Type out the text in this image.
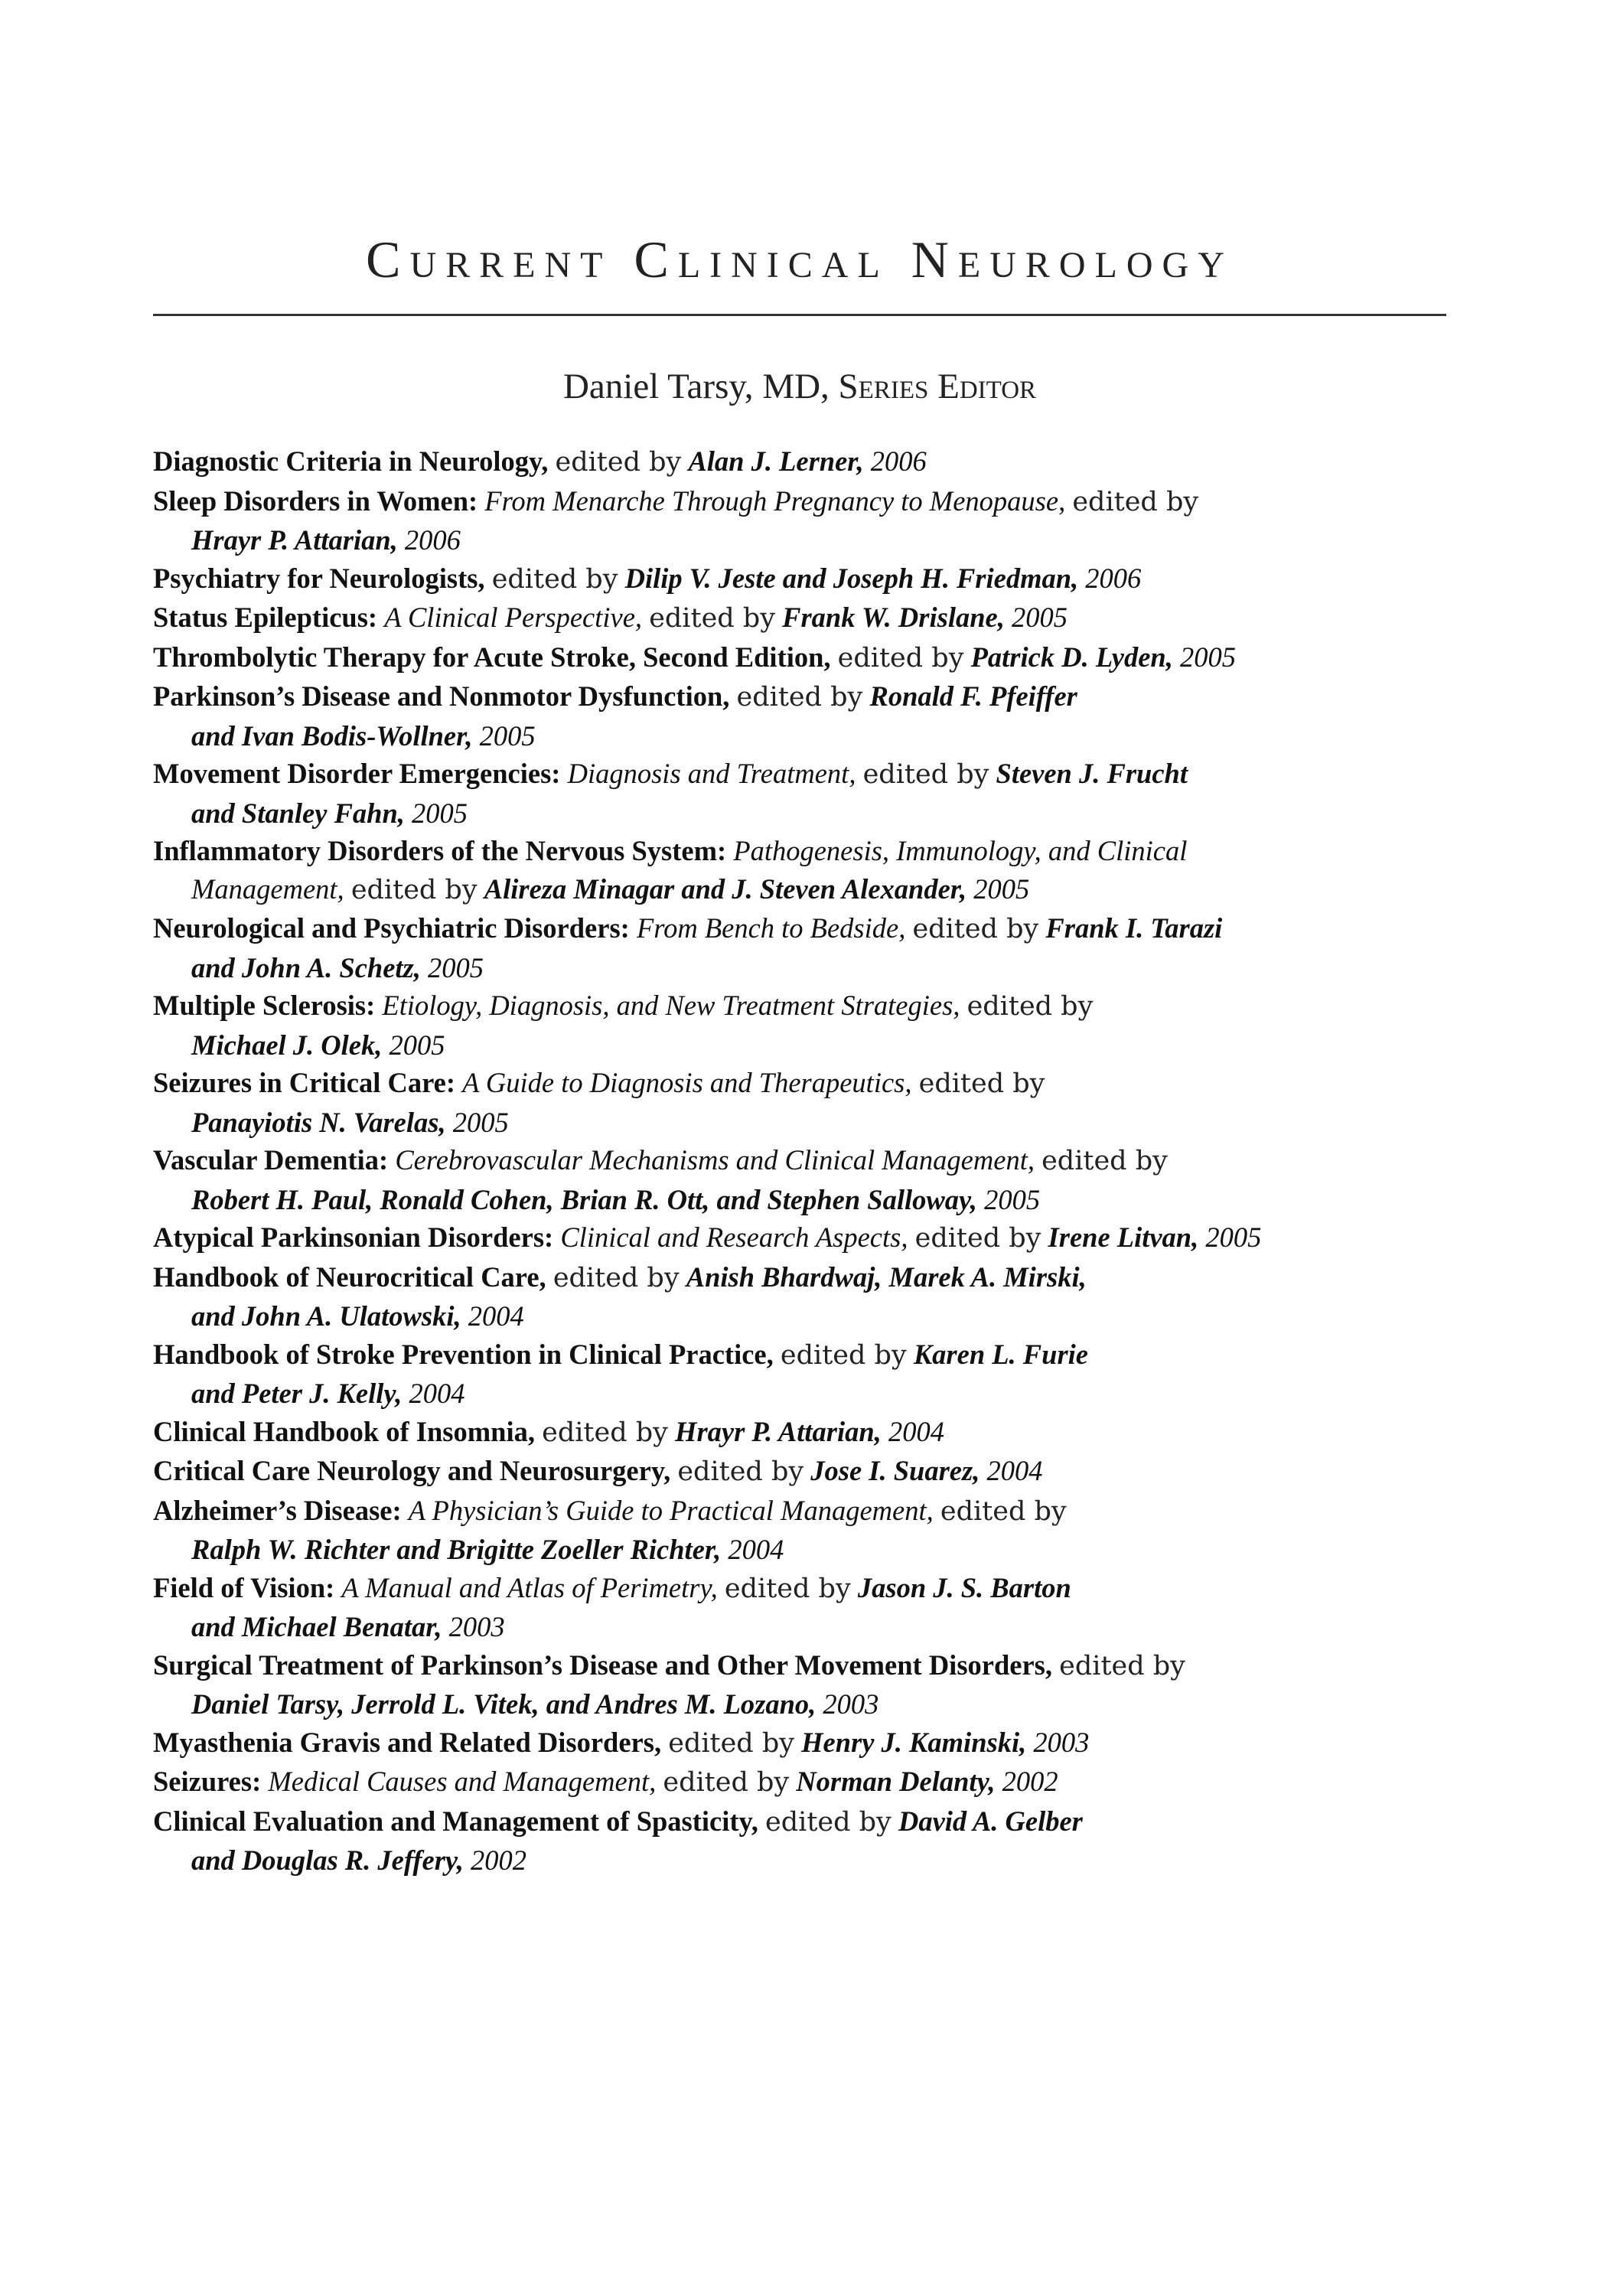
Current Clinical Neurology
Daniel Tarsy, MD, Series Editor
Diagnostic Criteria in Neurology, edited by Alan J. Lerner, 2006
Sleep Disorders in Women: From Menarche Through Pregnancy to Menopause, edited by
Hrayr P. Attarian, 2006
Psychiatry for Neurologists, edited by Dilip V. Jeste and Joseph H. Friedman, 2006
Status Epilepticus: A Clinical Perspective, edited by Frank W. Drislane, 2005
Thrombolytic Therapy for Acute Stroke, Second Edition, edited by Patrick D. Lyden, 2005
Parkinson’s Disease and Nonmotor Dysfunction, edited by Ronald F. Pfeiffer
and Ivan Bodis-Wollner, 2005
Movement Disorder Emergencies: Diagnosis and Treatment, edited by Steven J. Frucht
and Stanley Fahn, 2005
Inflammatory Disorders of the Nervous System: Pathogenesis, Immunology, and Clinical
Management, edited by Alireza Minagar and J. Steven Alexander, 2005
Neurological and Psychiatric Disorders: From Bench to Bedside, edited by Frank I. Tarazi
and John A. Schetz, 2005
Multiple Sclerosis: Etiology, Diagnosis, and New Treatment Strategies, edited by
Michael J. Olek, 2005
Seizures in Critical Care: A Guide to Diagnosis and Therapeutics, edited by
Panayiotis N. Varelas, 2005
Vascular Dementia: Cerebrovascular Mechanisms and Clinical Management, edited by
Robert H. Paul, Ronald Cohen, Brian R. Ott, and Stephen Salloway, 2005
Atypical Parkinsonian Disorders: Clinical and Research Aspects, edited by Irene Litvan, 2005
Handbook of Neurocritical Care, edited by Anish Bhardwaj, Marek A. Mirski,
and John A. Ulatowski, 2004
Handbook of Stroke Prevention in Clinical Practice, edited by Karen L. Furie
and Peter J. Kelly, 2004
Clinical Handbook of Insomnia, edited by Hrayr P. Attarian, 2004
Critical Care Neurology and Neurosurgery, edited by Jose I. Suarez, 2004
Alzheimer’s Disease: A Physician’s Guide to Practical Management, edited by
Ralph W. Richter and Brigitte Zoeller Richter, 2004
Field of Vision: A Manual and Atlas of Perimetry, edited by Jason J. S. Barton
and Michael Benatar, 2003
Surgical Treatment of Parkinson’s Disease and Other Movement Disorders, edited by
Daniel Tarsy, Jerrold L. Vitek, and Andres M. Lozano, 2003
Myasthenia Gravis and Related Disorders, edited by Henry J. Kaminski, 2003
Seizures: Medical Causes and Management, edited by Norman Delanty, 2002
Clinical Evaluation and Management of Spasticity, edited by David A. Gelber
and Douglas R. Jeffery, 2002
